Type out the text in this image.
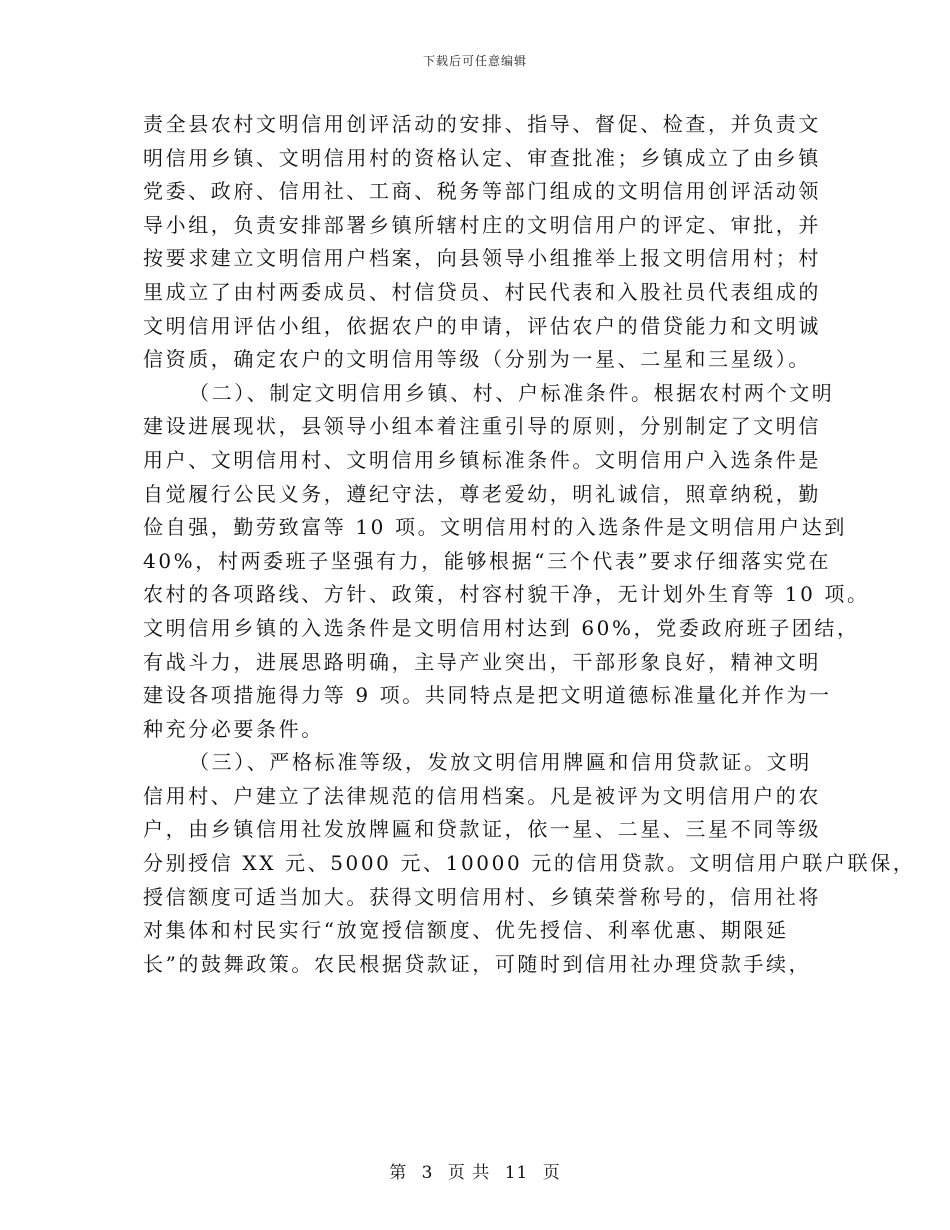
下载后可任意编辑
责全县农村文明信用创评活动的安排、指导、督促、检查，并负责文
明信用乡镇、文明信用村的资格认定、审查批准；乡镇成立了由乡镇
党委、政府、信用社、工商、税务等部门组成的文明信用创评活动领
导小组，负责安排部署乡镇所辖村庄的文明信用户的评定、审批，并
按要求建立文明信用户档案，向县领导小组推举上报文明信用村；村
里成立了由村两委成员、村信贷员、村民代表和入股社员代表组成的
文明信用评估小组，依据农户的申请，评估农户的借贷能力和文明诚
信资质，确定农户的文明信用等级（分别为一星、二星和三星级）。
（二）、制定文明信用乡镇、村、户标准条件。根据农村两个文明
建设进展现状，县领导小组本着注重引导的原则，分别制定了文明信
用户、文明信用村、文明信用乡镇标准条件。文明信用户入选条件是
自觉履行公民义务，遵纪守法，尊老爱幼，明礼诚信，照章纳税，勤
俭自强，勤劳致富等 10 项。文明信用村的入选条件是文明信用户达到
40%，村两委班子坚强有力，能够根据“三个代表”要求仔细落实党在
农村的各项路线、方针、政策，村容村貌干净，无计划外生育等 10 项。
文明信用乡镇的入选条件是文明信用村达到 60%，党委政府班子团结，
有战斗力，进展思路明确，主导产业突出，干部形象良好，精神文明
建设各项措施得力等 9 项。共同特点是把文明道德标准量化并作为一
种充分必要条件。
（三）、严格标准等级，发放文明信用牌匾和信用贷款证。文明
信用村、户建立了法律规范的信用档案。凡是被评为文明信用户的农
户，由乡镇信用社发放牌匾和贷款证，依一星、二星、三星不同等级
分别授信 XX 元、5000 元、10000 元的信用贷款。文明信用户联户联保，
授信额度可适当加大。获得文明信用村、乡镇荣誉称号的，信用社将
对集体和村民实行“放宽授信额度、优先授信、利率优惠、期限延
长”的鼓舞政策。农民根据贷款证，可随时到信用社办理贷款手续，
第 3 页 共 11 页
